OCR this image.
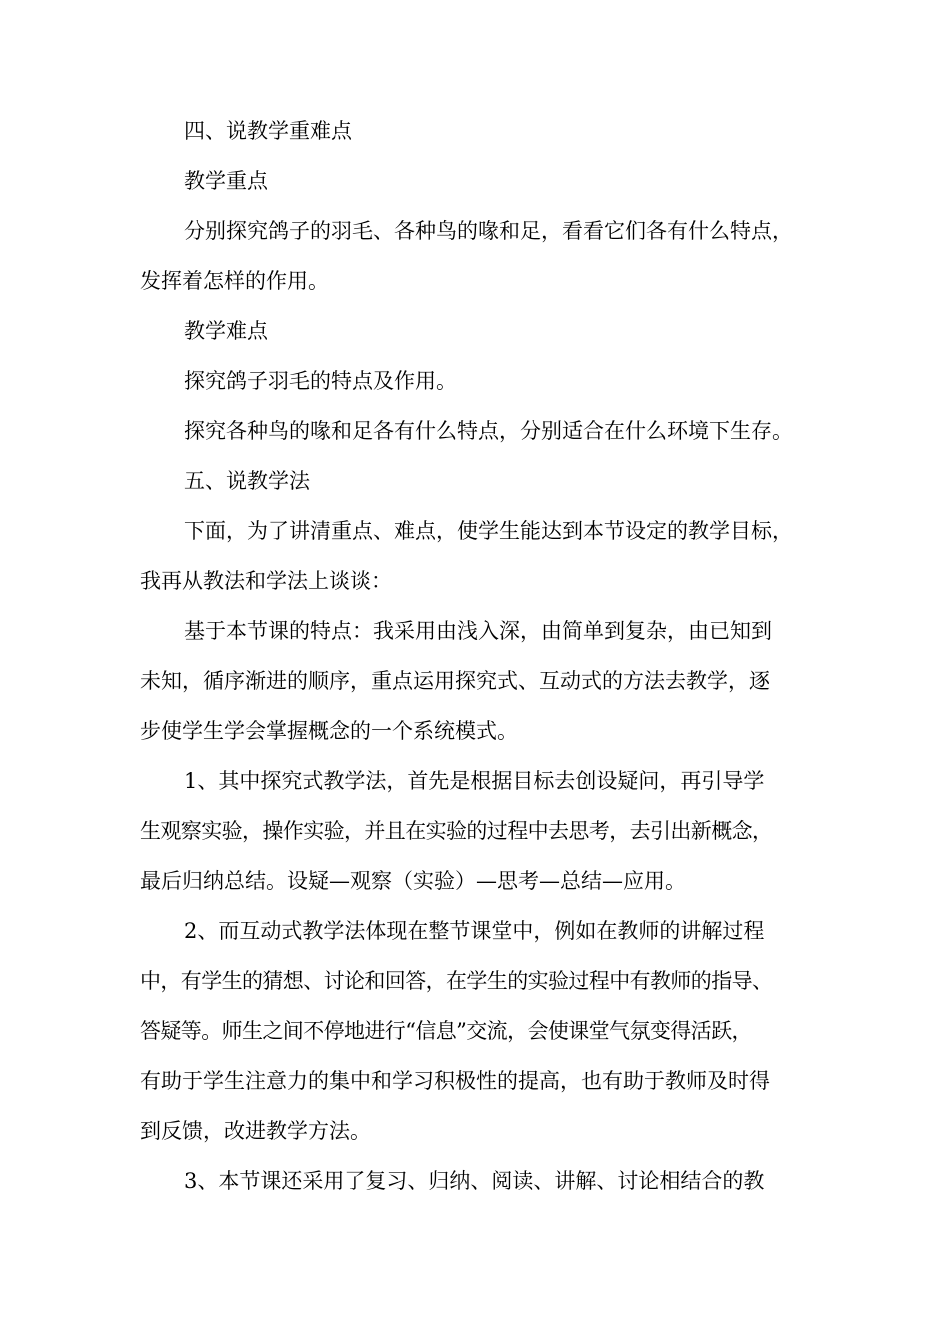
四、说教学重难点
教学重点
分别探究鸽子的羽毛、各种鸟的喙和足，看看它们各有什么特点，
发挥着怎样的作用。
教学难点
探究鸽子羽毛的特点及作用。
探究各种鸟的喙和足各有什么特点，分别适合在什么环境下生存。
五、说教学法
下面，为了讲清重点、难点，使学生能达到本节设定的教学目标，
我再从教法和学法上谈谈：
基于本节课的特点：我采用由浅入深，由简单到复杂，由已知到
未知，循序渐进的顺序，重点运用探究式、互动式的方法去教学，逐
步使学生学会掌握概念的一个系统模式。
1、其中探究式教学法，首先是根据目标去创设疑问，再引导学
生观察实验，操作实验，并且在实验的过程中去思考，去引出新概念，
最后归纳总结。设疑—观察（实验）—思考—总结—应用。
2、而互动式教学法体现在整节课堂中，例如在教师的讲解过程
中，有学生的猜想、讨论和回答，在学生的实验过程中有教师的指导、
答疑等。师生之间不停地进行“信息”交流，会使课堂气氛变得活跃，
有助于学生注意力的集中和学习积极性的提高，也有助于教师及时得
到反馈，改进教学方法。
3、本节课还采用了复习、归纳、阅读、讲解、讨论相结合的教
